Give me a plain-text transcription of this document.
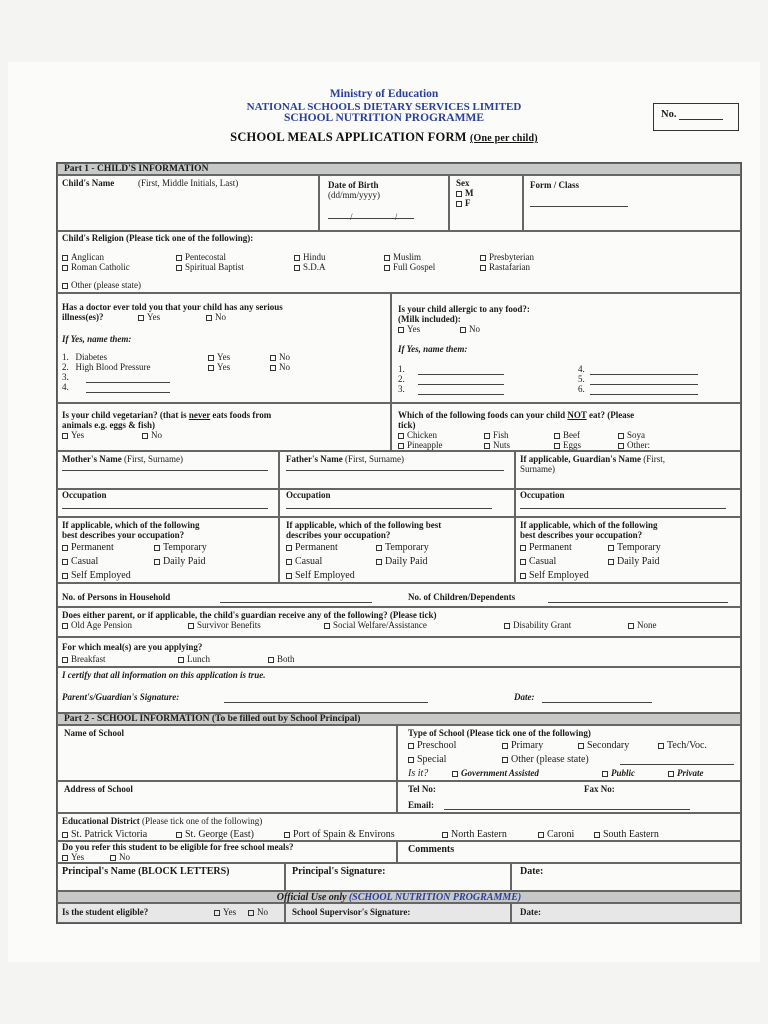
Ministry of Education
NATIONAL SCHOOLS DIETARY SERVICES LIMITED
SCHOOL NUTRITION PROGRAMME
SCHOOL MEALS APPLICATION FORM (One per child)
No.
Part 1 - CHILD'S INFORMATION
Child's Name	(First, Middle Initials, Last)	Date of Birth
(dd/mm/yyyy)
/ /
Sex
M
F
Form / Class
Child's Religion (Please tick one of the following):
Anglican	Pentecostal	Hindu	Muslim	Presbyterian
Roman Catholic	Spiritual Baptist	S.D.A	Full Gospel	Rastafarian
Other (please state)
Has a doctor ever told you that your child has any serious
illness(es)?	Yes	No
If Yes, name them:
1. Diabetes	Yes	No
2. High Blood Pressure	Yes	No
3.
4.
Is your child allergic to any food?:
(Milk included):
Yes	No
If Yes, name them:
1.
2.
3.
4.
5.
6.
Is your child vegetarian? (that is never eats foods from
animals e.g. eggs & fish)
Yes	No
Which of the following foods can your child NOT eat? (Please
tick)
Chicken	Fish	Beef	Soya
Pineapple	Nuts	Eggs	Other:
Mother's Name (First, Surname)	Father's Name (First, Surname)	If applicable, Guardian's Name (First,
Surname)
Occupation	Occupation	Occupation
If applicable, which of the following
best describes your occupation?
Permanent	Temporary
Casual	Daily Paid
Self Employed
If applicable, which of the following best
describes your occupation?
Permanent	Temporary
Casual	Daily Paid
Self Employed
If applicable, which of the following
best describes your occupation?
Permanent	Temporary
Casual	Daily Paid
Self Employed
No. of Persons in Household	No. of Children/Dependents
Does either parent, or if applicable, the child's guardian receive any of the following? (Please tick)
Old Age Pension	Survivor Benefits	Social Welfare/Assistance	Disability Grant	None
For which meal(s) are you applying?
Breakfast	Lunch	Both
I certify that all information on this application is true.
Parent's/Guardian's Signature:	Date:
Part 2 - SCHOOL INFORMATION (To be filled out by School Principal)
Name of School	Type of School (Please tick one of the following)
Preschool	Primary	Secondary	Tech/Voc.
Special	Other (please state)
Is it?	Government Assisted	Public	Private
Address of School	Tel No:	Fax No:
Email:
Educational District (Please tick one of the following)
St. Patrick Victoria	St. George (East)	Port of Spain & Environs	North Eastern	Caroni	South Eastern
Do you refer this student to be eligible for free school meals?
Yes	No
Comments
Principal's Name (BLOCK LETTERS)	Principal's Signature:	Date:
Official Use only (SCHOOL NUTRITION PROGRAMME)
Is the student eligible?	Yes	No	School Supervisor's Signature:	Date:
